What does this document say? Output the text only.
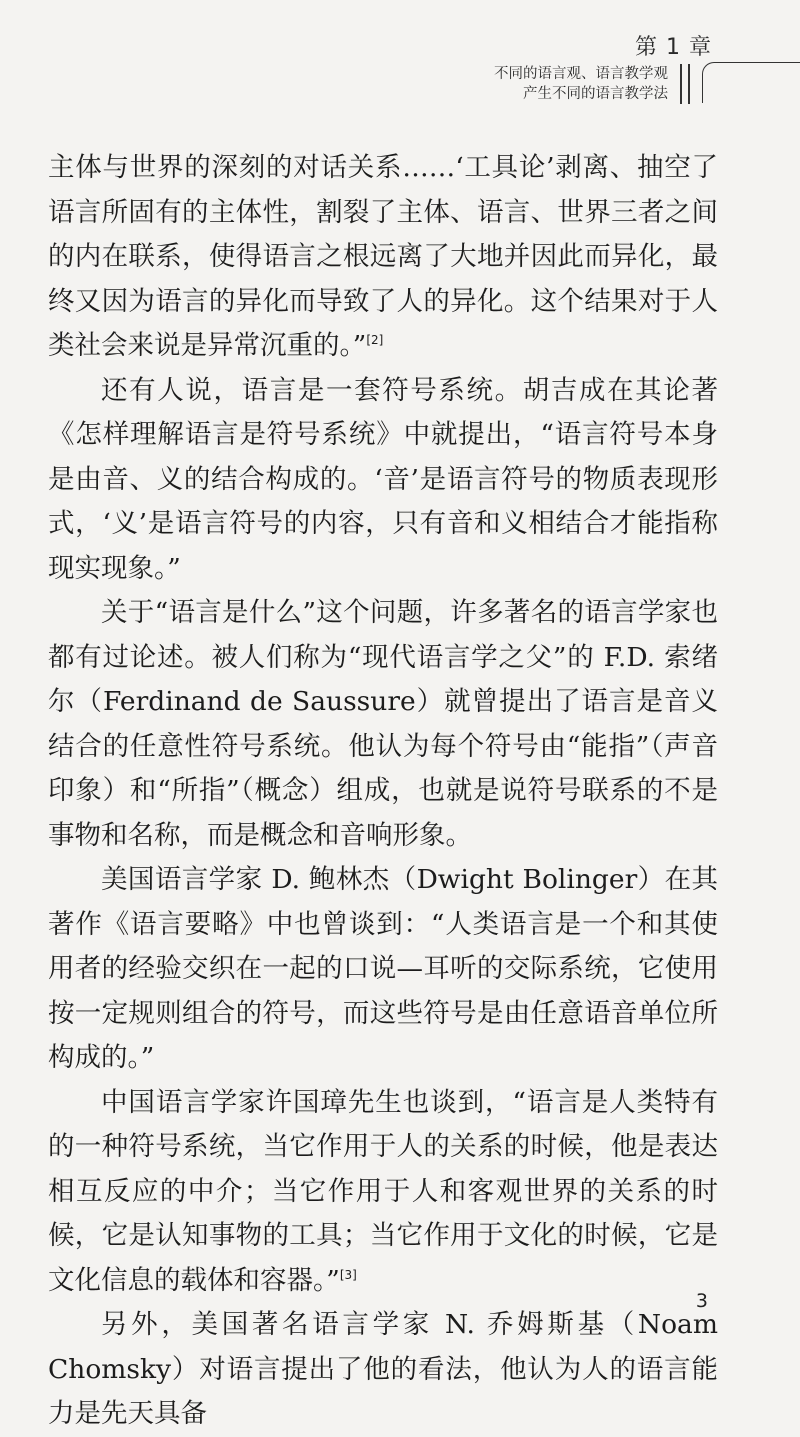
第 1 章
不同的语言观、语言教学观
产生不同的语言教学法

主体与世界的深刻的对话关系……‘工具论’剥离、抽空了语言所固有的主体性，割裂了主体、语言、世界三者之间的内在联系，使得语言之根远离了大地并因此而异化，最终又因为语言的异化而导致了人的异化。这个结果对于人类社会来说是异常沉重的。”[2]

还有人说，语言是一套符号系统。胡吉成在其论著《怎样理解语言是符号系统》中就提出，“语言符号本身是由音、义的结合构成的。‘音’是语言符号的物质表现形式，‘义’是语言符号的内容，只有音和义相结合才能指称现实现象。”

关于“语言是什么”这个问题，许多著名的语言学家也都有过论述。被人们称为“现代语言学之父”的 F.D. 索绪尔（Ferdinand de Saussure）就曾提出了语言是音义结合的任意性符号系统。他认为每个符号由“能指”（声音印象）和“所指”（概念）组成，也就是说符号联系的不是事物和名称，而是概念和音响形象。

美国语言学家 D. 鲍林杰（Dwight Bolinger）在其著作《语言要略》中也曾谈到：“人类语言是一个和其使用者的经验交织在一起的口说—耳听的交际系统，它使用按一定规则组合的符号，而这些符号是由任意语音单位所构成的。”

中国语言学家许国璋先生也谈到，“语言是人类特有的一种符号系统，当它作用于人的关系的时候，他是表达相互反应的中介；当它作用于人和客观世界的关系的时候，它是认知事物的工具；当它作用于文化的时候，它是文化信息的载体和容器。”[3]

另外，美国著名语言学家 N. 乔姆斯基（Noam Chomsky）对语言提出了他的看法，他认为人的语言能力是先天具备

3
